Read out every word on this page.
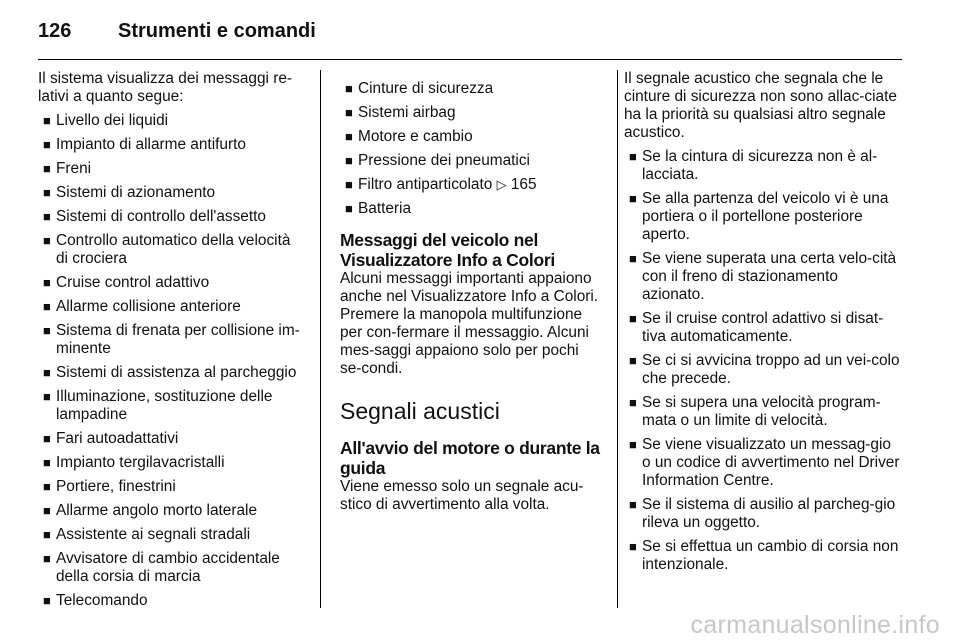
126 Strumenti e comandi

Il sistema visualizza dei messaggi re-lativi a quanto segue:

■ Livello dei liquidi
■ Impianto di allarme antifurto
■ Freni
■ Sistemi di azionamento
■ Sistemi di controllo dell'assetto
■ Controllo automatico della velocità di crociera
■ Cruise control adattivo
■ Allarme collisione anteriore
■ Sistema di frenata per collisione im-minente
■ Sistemi di assistenza al parcheggio
■ Illuminazione, sostituzione delle lampadine
■ Fari autoadattativi
■ Impianto tergilavacristalli
■ Portiere, finestrini
■ Allarme angolo morto laterale
■ Assistente ai segnali stradali
■ Avvisatore di cambio accidentale della corsia di marcia
■ Telecomando
■ Cinture di sicurezza
■ Sistemi airbag
■ Motore e cambio
■ Pressione dei pneumatici
■ Filtro antiparticolato ▷ 165
■ Batteria
Messaggi del veicolo nel Visualizzatore Info a Colori

Alcuni messaggi importanti appaiono anche nel Visualizzatore Info a Colori. Premere la manopola multifunzione per con-fermare il messaggio. Alcuni mes-saggi appaiono solo per pochi se-condi.

Segnali acustici
All'avvio del motore o durante la guida

Viene emesso solo un segnale acu-stico di avvertimento alla volta.

Il segnale acustico che segnala che le cinture di sicurezza non sono allac-ciate ha la priorità su qualsiasi altro segnale acustico.

■ Se la cintura di sicurezza non è al-lacciata.
■ Se alla partenza del veicolo vi è una portiera o il portellone posteriore aperto.
■ Se viene superata una certa velo-cità con il freno di stazionamento azionato.
■ Se il cruise control adattivo si disat-tiva automaticamente.
■ Se ci si avvicina troppo ad un vei-colo che precede.
■ Se si supera una velocità program-mata o un limite di velocità.
■ Se viene visualizzato un messag-gio o un codice di avvertimento nel Driver Information Centre.
■ Se il sistema di ausilio al parcheg-gio rileva un oggetto.
■ Se si effettua un cambio di corsia non intenzionale.
carmanualsonline.info
